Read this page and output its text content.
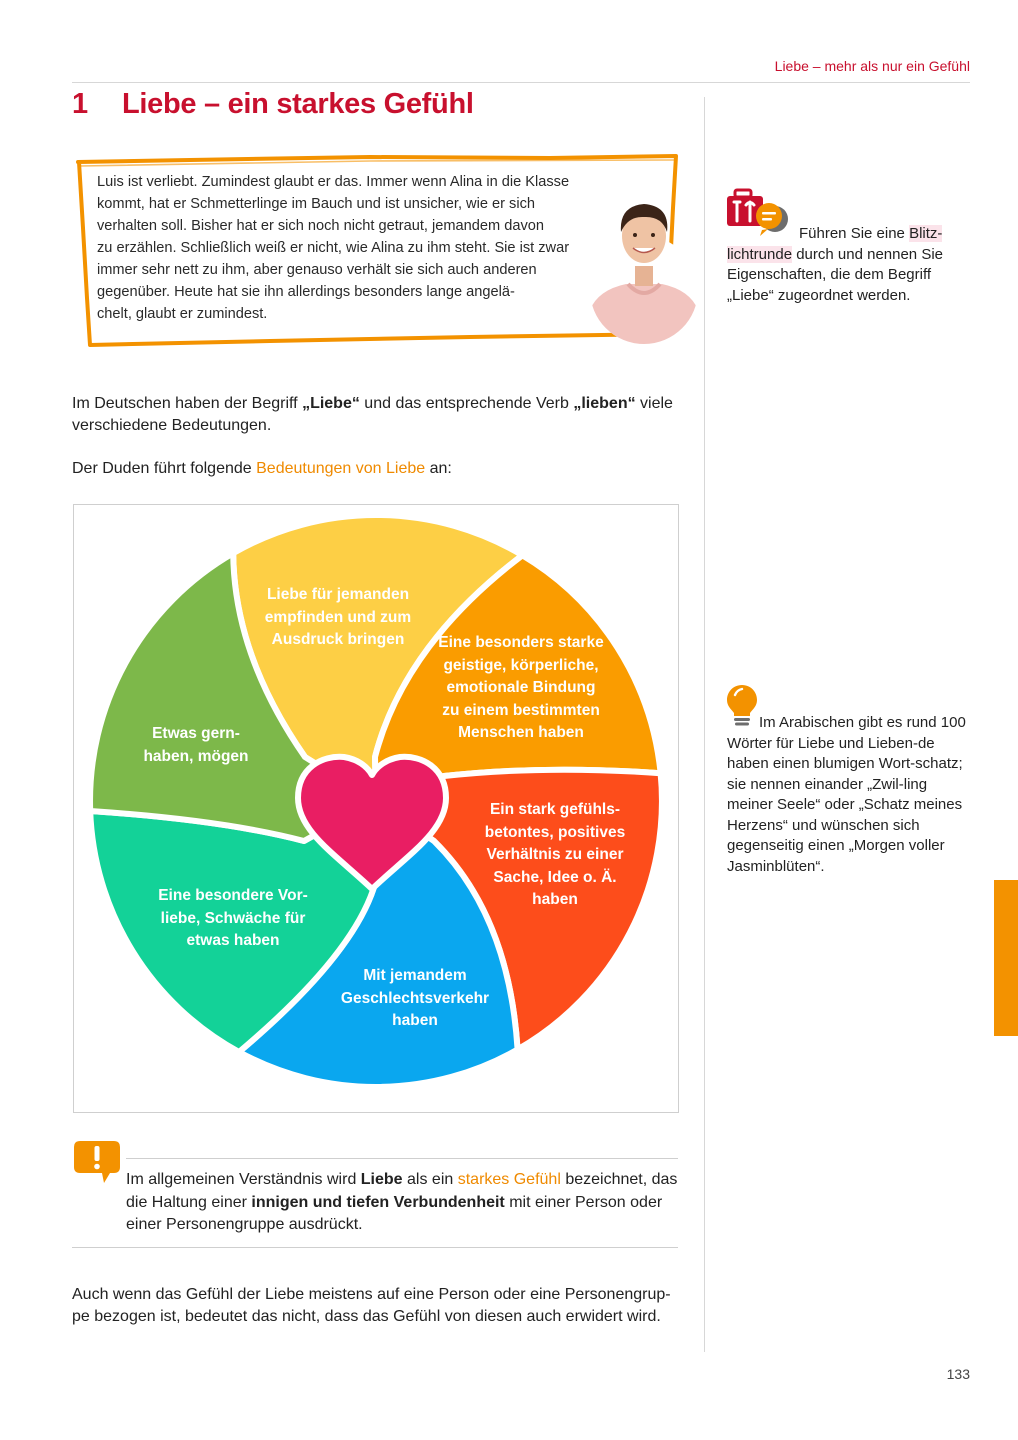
Liebe – mehr als nur ein Gefühl
1 Liebe – ein starkes Gefühl

Luis ist verliebt. Zumindest glaubt er das. Immer wenn Alina in die Klasse
kommt, hat er Schmetterlinge im Bauch und ist unsicher, wie er sich
verhalten soll. Bisher hat er sich noch nicht getraut, jemandem davon
zu erzählen. Schließlich weiß er nicht, wie Alina zu ihm steht. Sie ist zwar
immer sehr nett zu ihm, aber genauso verhält sie sich auch anderen
gegenüber. Heute hat sie ihn allerdings besonders lange angelä-
chelt, glaubt er zumindest.

Im Deutschen haben der Begriff „Liebe“ und das entsprechende Verb „lieben“ viele verschiedene Bedeutungen.

Der Duden führt folgende Bedeutungen von Liebe an:

Liebe für jemanden
empfinden und zum
Ausdruck bringen	Eine besonders starke
geistige, körperliche,
emotionale Bindung
zu einem bestimmten
Menschen haben

Ein stark gefühls-
betontes, positives
Verhältnis zu einer
Sache, Idee o. Ä.
haben

Mit jemandem
Geschlechtsverkehr
haben

Eine besondere Vor-
liebe, Schwäche für
etwas haben

Etwas gern-
haben, mögen

Im allgemeinen Verständnis wird Liebe als ein starkes Gefühl bezeichnet, das die Haltung einer innigen und tiefen Verbundenheit mit einer Person oder einer Personengruppe ausdrückt.

Auch wenn das Gefühl der Liebe meistens auf eine Person oder eine Personengrup-
pe bezogen ist, bedeutet das nicht, dass das Gefühl von diesen auch erwidert wird.

Führen Sie eine Blitz-lichtrunde durch und nennen Sie Eigenschaften, die dem Begriff „Liebe“ zugeordnet werden.

Im Arabischen gibt es rund 100 Wörter für Liebe und Lieben-de haben einen blumigen Wort-schatz; sie nennen einander „Zwil-ling meiner Seele“ oder „Schatz meines Herzens“ und wünschen sich gegenseitig einen „Morgen voller Jasminblüten“.

133
